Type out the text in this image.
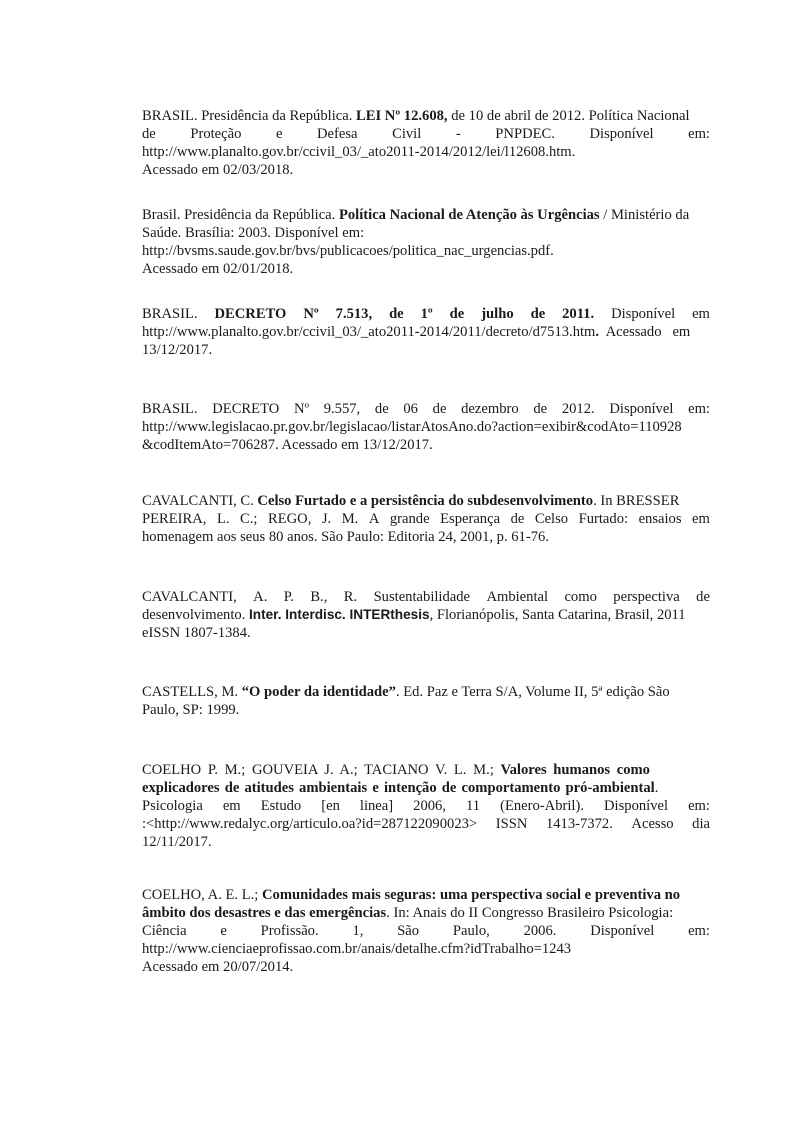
BRASIL. Presidência da República. LEI Nº 12.608, de 10 de abril de 2012. Política Nacional
de Proteção e Defesa Civil - PNPDEC. Disponível em:
http://www.planalto.gov.br/ccivil_03/_ato2011-2014/2012/lei/l12608.htm.
Acessado em 02/03/2018.
Brasil. Presidência da República. Política Nacional de Atenção às Urgências / Ministério da
Saúde. Brasília: 2003. Disponível em:
http://bvsms.saude.gov.br/bvs/publicacoes/politica_nac_urgencias.pdf.
Acessado em 02/01/2018.
BRASIL. DECRETO Nº 7.513, de 1º de julho de 2011. Disponível em
http://www.planalto.gov.br/ccivil_03/_ato2011-2014/2011/decreto/d7513.htm.  Acessado   em
13/12/2017.
BRASIL. DECRETO Nº 9.557, de 06 de dezembro de 2012. Disponível em:
http://www.legislacao.pr.gov.br/legislacao/listarAtosAno.do?action=exibir&codAto=110928
&codItemAto=706287. Acessado em 13/12/2017.
CAVALCANTI, C. Celso Furtado e a persistência do subdesenvolvimento. In BRESSER
PEREIRA, L. C.; REGO, J. M. A grande Esperança de Celso Furtado: ensaios em
homenagem aos seus 80 anos. São Paulo: Editoria 24, 2001, p. 61-76.
CAVALCANTI, A. P. B., R. Sustentabilidade Ambiental como perspectiva de
desenvolvimento. Inter. Interdisc. INTERthesis, Florianópolis, Santa Catarina, Brasil, 2011
eISSN 1807-1384.
CASTELLS, M. “O poder da identidade”. Ed. Paz e Terra S/A, Volume II, 5ª edição São
Paulo, SP: 1999.
COELHO P. M.; GOUVEIA J. A.; TACIANO V. L. M.; Valores humanos como
explicadores de atitudes ambientais e intenção de comportamento pró-ambiental.
Psicologia em Estudo [en linea] 2006, 11 (Enero-Abril). Disponível em:
:<http://www.redalyc.org/articulo.oa?id=287122090023> ISSN 1413-7372. Acesso dia
12/11/2017.
COELHO, A. E. L.; Comunidades mais seguras: uma perspectiva social e preventiva no
âmbito dos desastres e das emergências. In: Anais do II Congresso Brasileiro Psicologia:
Ciência e Profissão. 1, São Paulo, 2006. Disponível em:
http://www.cienciaeprofissao.com.br/anais/detalhe.cfm?idTrabalho=1243
Acessado em 20/07/2014.
